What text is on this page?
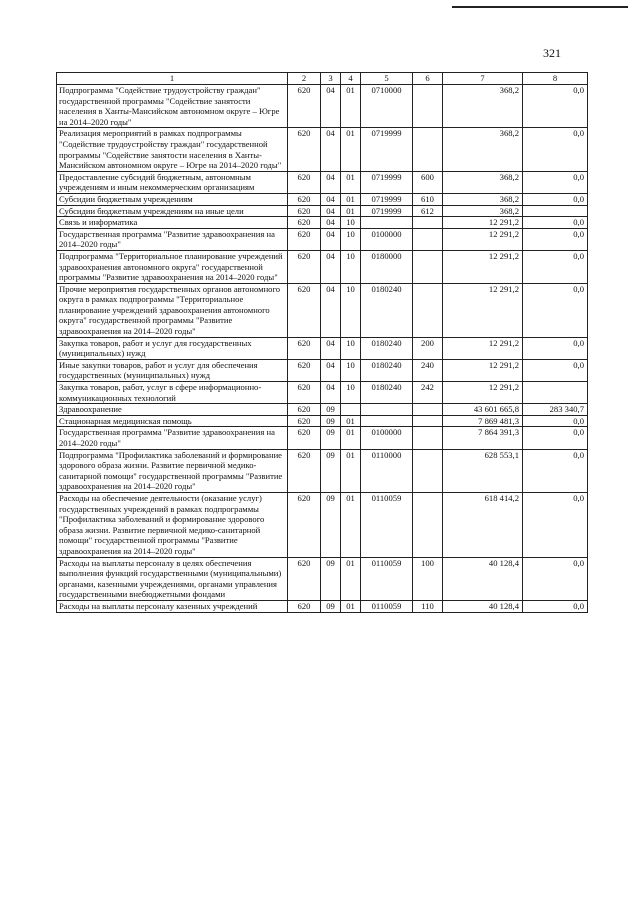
321
1	2	3	4	5	6	7	8
Подпрограмма "Содействие трудоустройству граждан" государственной программы "Содействие занятости населения в Ханты-Мансийском автономном округе – Югре на 2014–2020 годы"	620	04	01	0710000		368,2	0,0
Реализация мероприятий в рамках подпрограммы "Содействие трудоустройству граждан" государственной программы "Содействие занятости населения в Ханты-Мансийском автономном округе – Югре на 2014–2020 годы"	620	04	01	0719999		368,2	0,0
Предоставление субсидий бюджетным, автономным учреждениям и иным некоммерческим организациям	620	04	01	0719999	600	368,2	0,0
Субсидии бюджетным учреждениям	620	04	01	0719999	610	368,2	0,0
Субсидии бюджетным учреждениям на иные цели	620	04	01	0719999	612	368,2	
Связь и информатика	620	04	10			12 291,2	0,0
Государственная программа "Развитие здравоохранения на 2014–2020 годы"	620	04	10	0100000		12 291,2	0,0
Подпрограмма "Территориальное планирование учреждений здравоохранения автономного округа" государственной программы "Развитие здравоохранения на 2014–2020 годы"	620	04	10	0180000		12 291,2	0,0
Прочие мероприятия государственных органов автономного округа в рамках подпрограммы "Территориальное планирование учреждений здравоохранения автономного округа" государственной программы "Развитие здравоохранения на 2014–2020 годы"	620	04	10	0180240		12 291,2	0,0
Закупка товаров, работ и услуг для государственных (муниципальных) нужд	620	04	10	0180240	200	12 291,2	0,0
Иные закупки товаров, работ и услуг для обеспечения государственных (муниципальных) нужд	620	04	10	0180240	240	12 291,2	0,0
Закупка товаров, работ, услуг в сфере информационно-коммуникационных технологий	620	04	10	0180240	242	12 291,2	
Здравоохранение	620	09				43 601 665,8	283 340,7
Стационарная медицинская помощь	620	09	01			7 869 481,3	0,0
Государственная программа "Развитие здравоохранения на 2014–2020 годы"	620	09	01	0100000		7 864 391,3	0,0
Подпрограмма "Профилактика заболеваний и формирование здорового образа жизни. Развитие первичной медико-санитарной помощи" государственной программы "Развитие здравоохранения на 2014–2020 годы"	620	09	01	0110000		628 553,1	0,0
Расходы на обеспечение деятельности (оказание услуг) государственных учреждений в рамках подпрограммы "Профилактика заболеваний и формирование здорового образа жизни. Развитие первичной медико-санитарной помощи" государственной программы "Развитие здравоохранения на 2014–2020 годы"	620	09	01	0110059		618 414,2	0,0
Расходы на выплаты персоналу в целях обеспечения выполнения функций государственными (муниципальными) органами, казенными учреждениями, органами управления государственными внебюджетными фондами	620	09	01	0110059	100	40 128,4	0,0
Расходы на выплаты персоналу казенных учреждений	620	09	01	0110059	110	40 128,4	0,0
